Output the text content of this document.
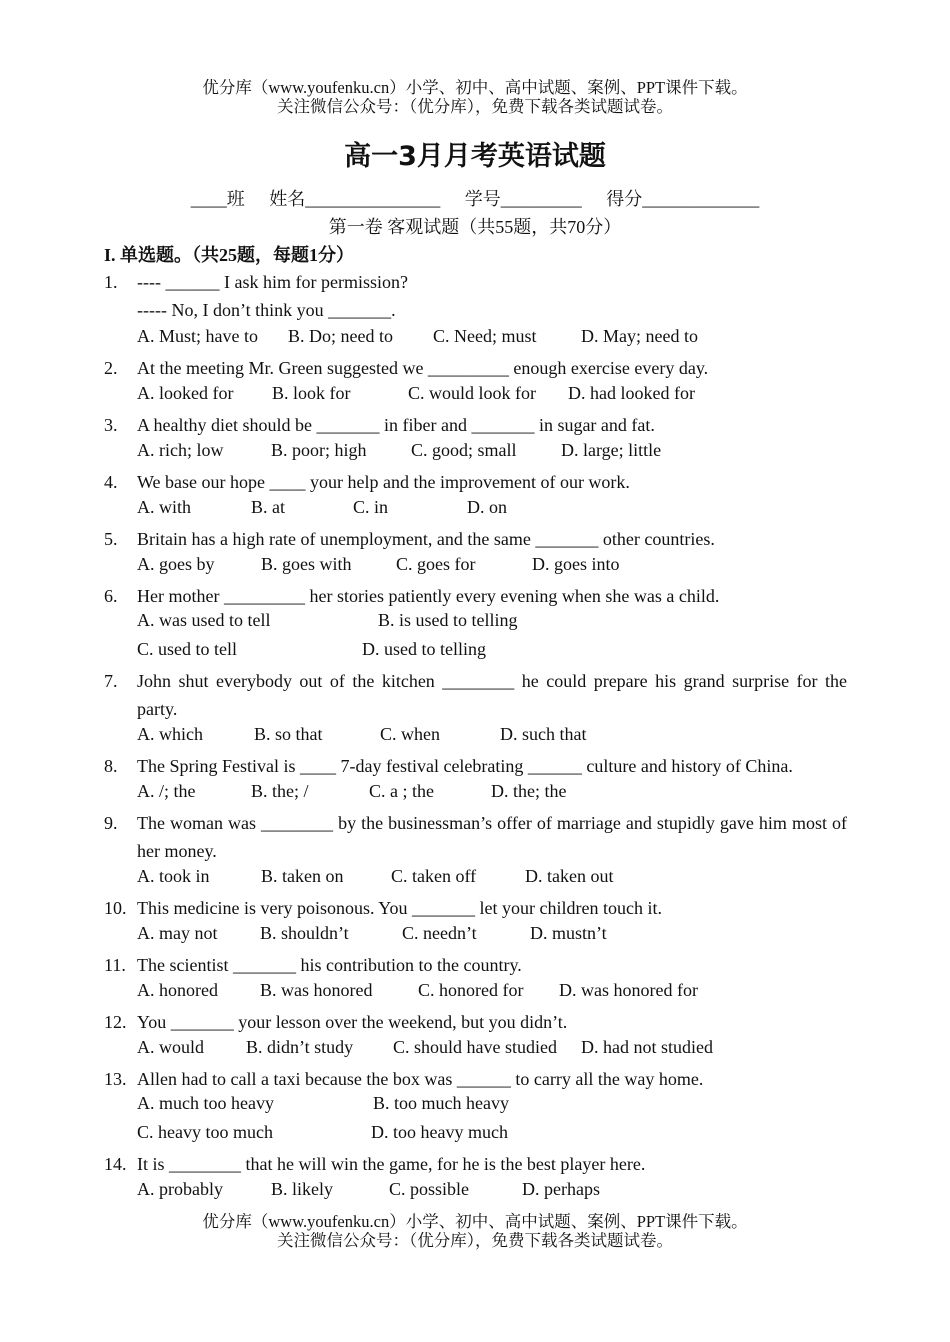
优分库（www.youfenku.cn）小学、初中、高中试题、案例、PPT课件下载。
关注微信公众号：（优分库），免费下载各类试题试卷。
高一3月月考英语试题
____班 姓名_______________ 学号_________ 得分_____________
第一卷 客观试题（共55题，共70分）
I. 单选题。（共25题，每题1分）
1.	---- ______ I ask him for permission?
----- No, I don’t think you _______.
A. Must; have to B. Do; need to C. Need; must D. May; need to
2.	At the meeting Mr. Green suggested we _________ enough exercise every day.
A. looked for B. look for	C. would look for D. had looked for
3.	A healthy diet should be _______ in fiber and _______ in sugar and fat.
A. rich; low	B. poor; high C. good; small D. large; little
4.	We base our hope ____ your help and the improvement of our work.
A. with	B. at	C. in	D. on
5.	Britain has a high rate of unemployment, and the same _______ other countries.
A. goes by	B. goes with C. goes for	D. goes into
6.	Her mother _________ her stories patiently every evening when she was a child.
A. was used to tell	B. is used to telling
C. used to tell	D. used to telling
7.	John shut everybody out of the kitchen ________ he could prepare his grand surprise for the party.
A. which	B. so that	C. when	D. such that
8.	The Spring Festival is ____ 7-day festival celebrating ______ culture and history of China.
A. /; the	B. the; /	C. a ; the	D. the; the
9.	The woman was ________ by the businessman’s offer of marriage and stupidly gave him most of her money.
A. took in	B. taken on	C. taken off	D. taken out
10. This medicine is very poisonous. You _______ let your children touch it.
A. may not B. shouldn’t	C. needn’t	D. mustn’t
11. The scientist _______ his contribution to the country.
A. honored B. was honored	C. honored for D. was honored for
12. You _______ your lesson over the weekend, but you didn’t.
A. would B. didn’t study C. should have studied D. had not studied
13. Allen had to call a taxi because the box was ______ to carry all the way home.
A. much too heavy	B. too much heavy
C. heavy too much	D. too heavy much
14. It is ________ that he will win the game, for he is the best player here.
A. probably	B. likely	C. possible	D. perhaps
优分库（www.youfenku.cn）小学、初中、高中试题、案例、PPT课件下载。
关注微信公众号：（优分库），免费下载各类试题试卷。
